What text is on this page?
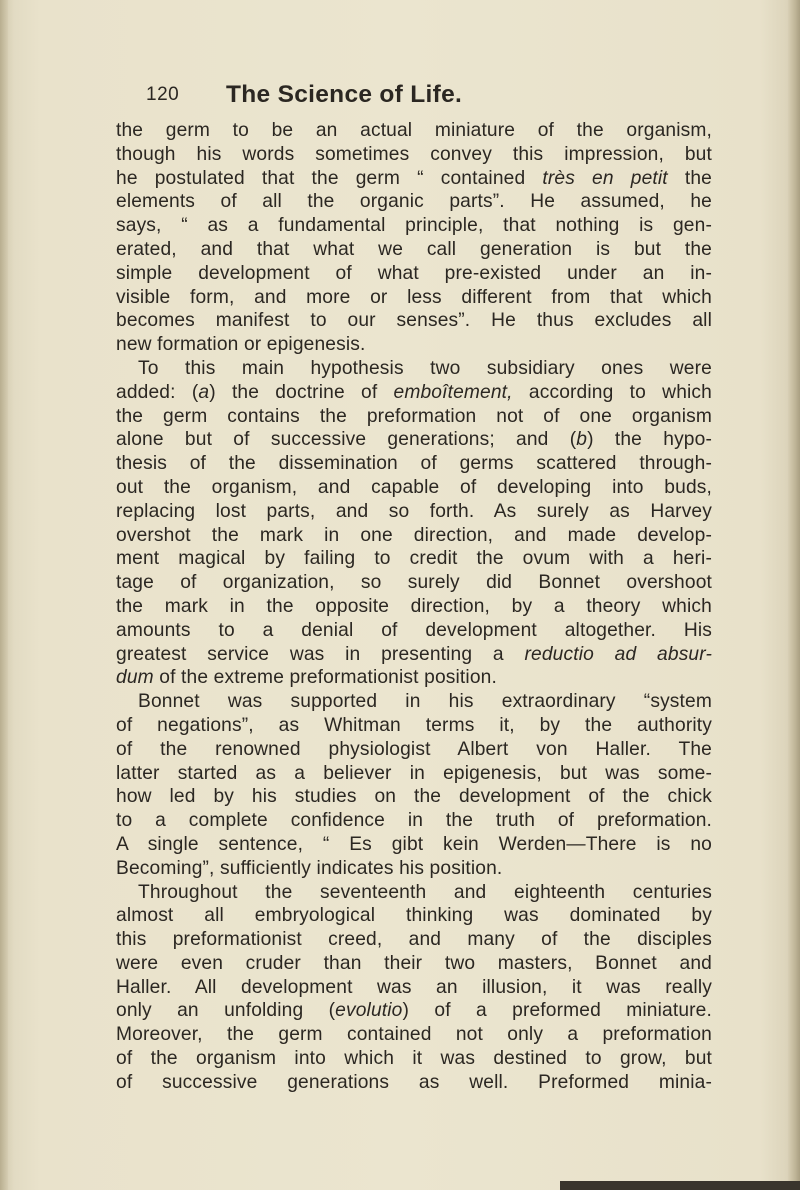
120 The Science of Life.
the germ to be an actual miniature of the organism,
though his words sometimes convey this impression, but
he postulated that the germ “ contained très en petit the
elements of all the organic parts”. He assumed, he
says, “ as a fundamental principle, that nothing is gen-
erated, and that what we call generation is but the
simple development of what pre-existed under an in-
visible form, and more or less different from that which
becomes manifest to our senses”. He thus excludes all
new formation or epigenesis.
To this main hypothesis two subsidiary ones were
added: (a) the doctrine of emboîtement, according to which
the germ contains the preformation not of one organism
alone but of successive generations; and (b) the hypo-
thesis of the dissemination of germs scattered through-
out the organism, and capable of developing into buds,
replacing lost parts, and so forth. As surely as Harvey
overshot the mark in one direction, and made develop-
ment magical by failing to credit the ovum with a heri-
tage of organization, so surely did Bonnet overshoot
the mark in the opposite direction, by a theory which
amounts to a denial of development altogether. His
greatest service was in presenting a reductio ad absur-
dum of the extreme preformationist position.
Bonnet was supported in his extraordinary “system
of negations”, as Whitman terms it, by the authority
of the renowned physiologist Albert von Haller. The
latter started as a believer in epigenesis, but was some-
how led by his studies on the development of the chick
to a complete confidence in the truth of preformation.
A single sentence, “ Es gibt kein Werden—There is no
Becoming”, sufficiently indicates his position.
Throughout the seventeenth and eighteenth centuries
almost all embryological thinking was dominated by
this preformationist creed, and many of the disciples
were even cruder than their two masters, Bonnet and
Haller. All development was an illusion, it was really
only an unfolding (evolutio) of a preformed miniature.
Moreover, the germ contained not only a preformation
of the organism into which it was destined to grow, but
of successive generations as well. Preformed minia-
